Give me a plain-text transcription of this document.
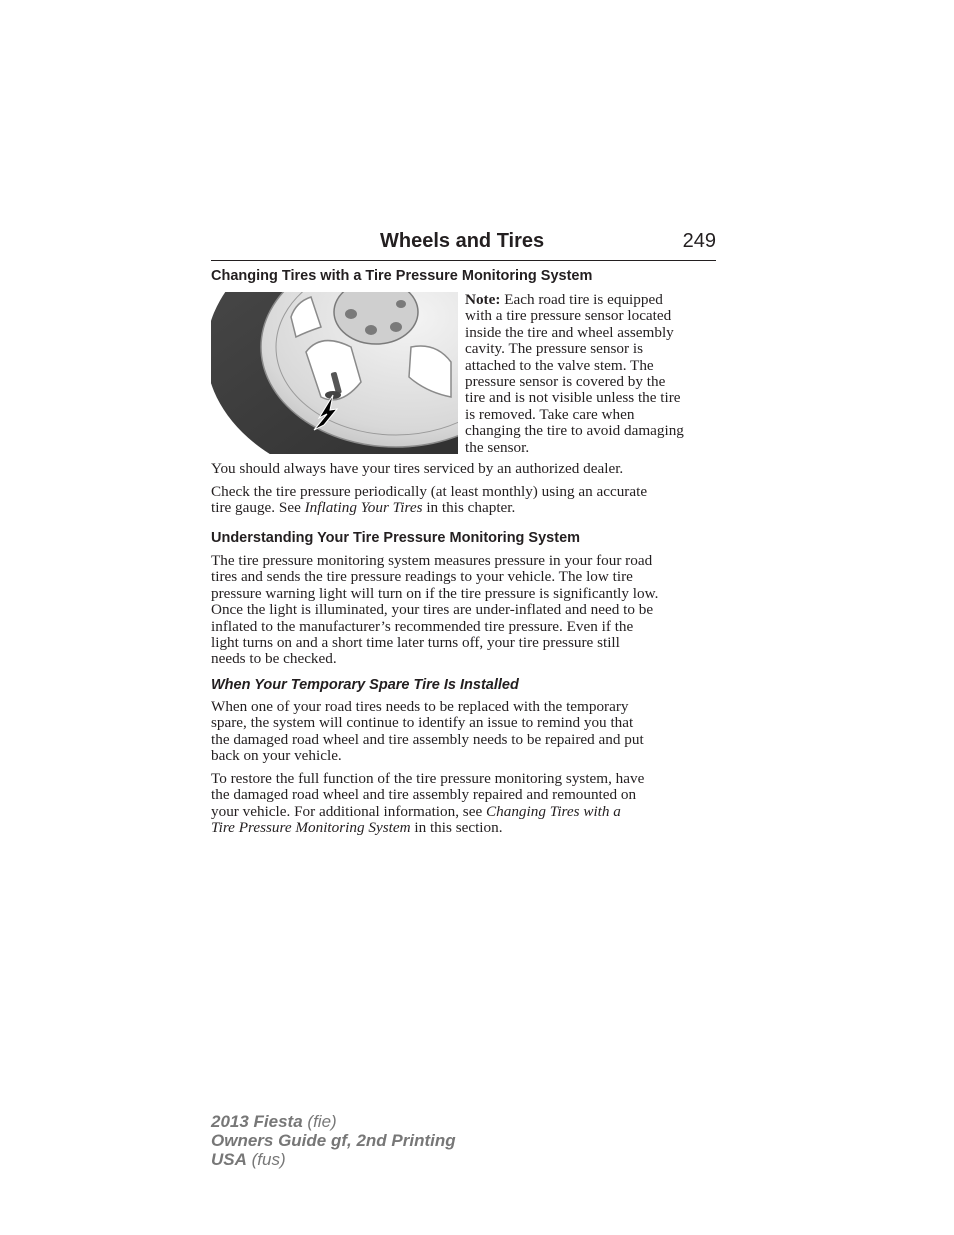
Wheels and Tires	249
Changing Tires with a Tire Pressure Monitoring System
Note: Each road tire is equipped
with a tire pressure sensor located
inside the tire and wheel assembly
cavity. The pressure sensor is
attached to the valve stem. The
pressure sensor is covered by the
tire and is not visible unless the tire
is removed. Take care when
changing the tire to avoid damaging
the sensor.

You should always have your tires serviced by an authorized dealer.

Check the tire pressure periodically (at least monthly) using an accurate
tire gauge. See Inflating Your Tires in this chapter.
Understanding Your Tire Pressure Monitoring System
The tire pressure monitoring system measures pressure in your four road
tires and sends the tire pressure readings to your vehicle. The low tire
pressure warning light will turn on if the tire pressure is significantly low.
Once the light is illuminated, your tires are under-inflated and need to be
inflated to the manufacturer’s recommended tire pressure. Even if the
light turns on and a short time later turns off, your tire pressure still
needs to be checked.
When Your Temporary Spare Tire Is Installed
When one of your road tires needs to be replaced with the temporary
spare, the system will continue to identify an issue to remind you that
the damaged road wheel and tire assembly needs to be repaired and put
back on your vehicle.
To restore the full function of the tire pressure monitoring system, have
the damaged road wheel and tire assembly repaired and remounted on
your vehicle. For additional information, see Changing Tires with a
Tire Pressure Monitoring System in this section.
2013 Fiesta (fie)
Owners Guide gf, 2nd Printing
USA (fus)
